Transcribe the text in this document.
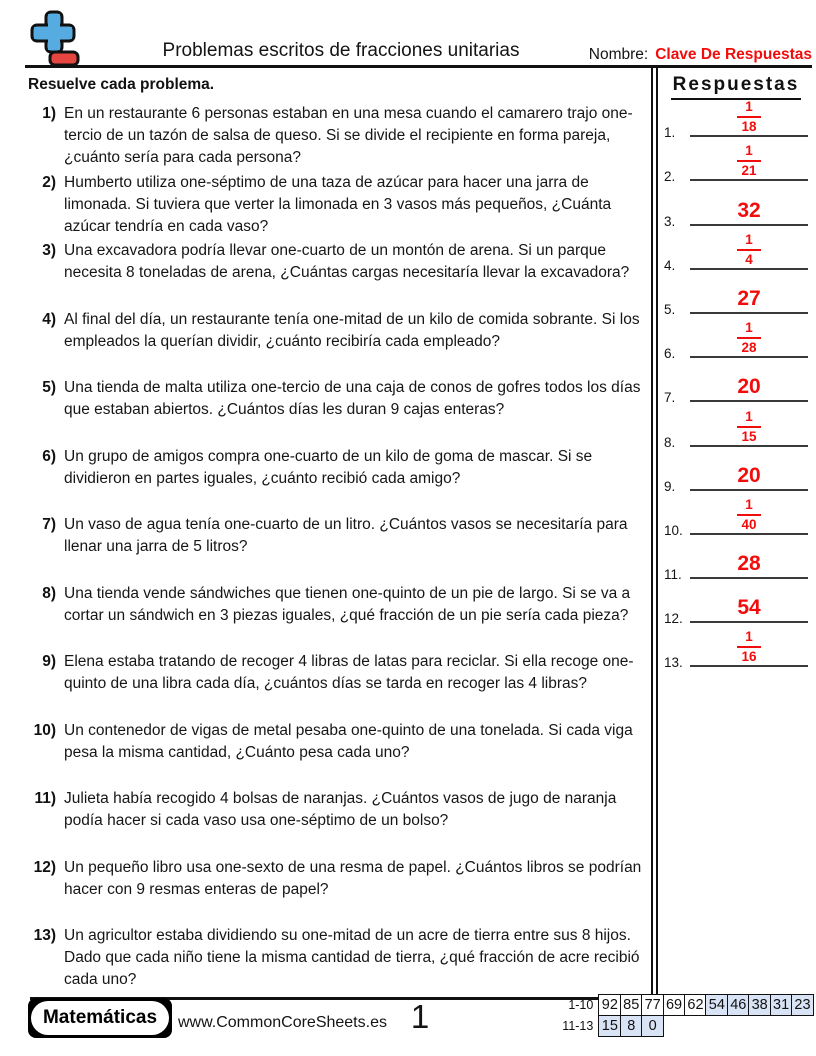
Problemas escritos de fracciones unitarias	Nombre: Clave De Respuestas
Resuelve cada problema.
1) En un restaurante 6 personas estaban en una mesa cuando el camarero trajo one-tercio de un tazón de salsa de queso. Si se divide el recipiente en forma pareja, ¿cuánto sería para cada persona?
2) Humberto utiliza one-séptimo de una taza de azúcar para hacer una jarra de limonada. Si tuviera que verter la limonada en 3 vasos más pequeños, ¿Cuánta azúcar tendría en cada vaso?
3) Una excavadora podría llevar one-cuarto de un montón de arena. Si un parque necesita 8 toneladas de arena, ¿Cuántas cargas necesitaría llevar la excavadora?
4) Al final del día, un restaurante tenía one-mitad de un kilo de comida sobrante. Si los empleados la querían dividir, ¿cuánto recibiría cada empleado?
5) Una tienda de malta utiliza one-tercio de una caja de conos de gofres todos los días que estaban abiertos. ¿Cuántos días les duran 9 cajas enteras?
6) Un grupo de amigos compra one-cuarto de un kilo de goma de mascar. Si se dividieron en partes iguales, ¿cuánto recibió cada amigo?
7) Un vaso de agua tenía one-cuarto de un litro. ¿Cuántos vasos se necesitaría para llenar una jarra de 5 litros?
8) Una tienda vende sándwiches que tienen one-quinto de un pie de largo. Si se va a cortar un sándwich en 3 piezas iguales, ¿qué fracción de un pie sería cada pieza?
9) Elena estaba tratando de recoger 4 libras de latas para reciclar. Si ella recoge one-quinto de una libra cada día, ¿cuántos días se tarda en recoger las 4 libras?
10) Un contenedor de vigas de metal pesaba one-quinto de una tonelada. Si cada viga pesa la misma cantidad, ¿Cuánto pesa cada uno?
11) Julieta había recogido 4 bolsas de naranjas. ¿Cuántos vasos de jugo de naranja podía hacer si cada vaso usa one-séptimo de un bolso?
12) Un pequeño libro usa one-sexto de una resma de papel. ¿Cuántos libros se podrían hacer con 9 resmas enteras de papel?
13) Un agricultor estaba dividiendo su one-mitad de un acre de tierra entre sus 8 hijos. Dado que cada niño tiene la misma cantidad de tierra, ¿qué fracción de acre recibió cada uno?
Respuestas
1.	$\frac{1}{18}$
2.	$\frac{1}{21}$
3.	32
4.	$\frac{1}{4}$
5.	27
6.	$\frac{1}{28}$
7.	20
8.	$\frac{1}{15}$
9.	20
10.	$\frac{1}{40}$
11.	28
12.	54
13.	$\frac{1}{16}$
Matemáticas	www.CommonCoreSheets.es 1	1-10 92 85 77 69 62 54 46 38 31 23
11-13 15 8 0
